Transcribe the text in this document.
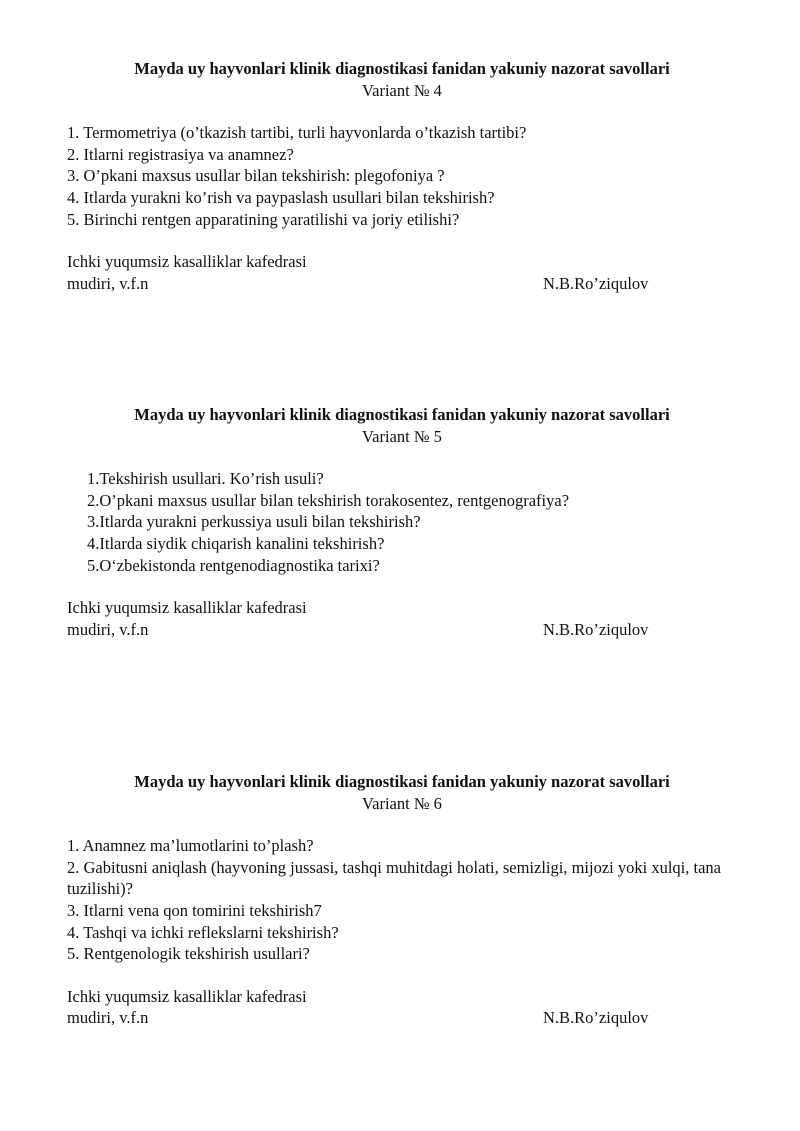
Mayda uy hayvonlari klinik diagnostikasi fanidan yakuniy nazorat savollari
Variant № 4
1. Termometriya (o’tkazish tartibi, turli hayvonlarda o’tkazish tartibi?
2. Itlarni registrasiya va anamnez?
3. O’pkani maxsus usullar bilan tekshirish: plegofoniya ?
4. Itlarda yurakni ko’rish va paypaslash usullari bilan tekshirish?
5. Birinchi rentgen apparatining yaratilishi va joriy etilishi?
Ichki yuqumsiz kasalliklar kafedrasi
mudiri, v.f.n	N.B.Ro’ziqulov
Mayda uy hayvonlari klinik diagnostikasi fanidan yakuniy nazorat savollari
Variant № 5
1.Tekshirish usullari. Ko’rish usuli?
2.O’pkani maxsus usullar bilan tekshirish torakosentez, rentgenografiya?
3.Itlarda yurakni perkussiya usuli bilan tekshirish?
4.Itlarda siydik chiqarish kanalini tekshirish?
5.O‘zbekistonda rentgenodiagnostika tarixi?
Ichki yuqumsiz kasalliklar kafedrasi
mudiri, v.f.n	N.B.Ro’ziqulov
Mayda uy hayvonlari klinik diagnostikasi fanidan yakuniy nazorat savollari
Variant № 6
1. Anamnez ma’lumotlarini to’plash?
2. Gabitusni aniqlash (hayvoning jussasi, tashqi muhitdagi holati, semizligi, mijozi yoki xulqi, tana tuzilishi)?
3. Itlarni vena qon tomirini tekshirish7
4. Tashqi va ichki reflekslarni tekshirish?
5. Rentgenologik tekshirish usullari?
Ichki yuqumsiz kasalliklar kafedrasi
mudiri, v.f.n	N.B.Ro’ziqulov
